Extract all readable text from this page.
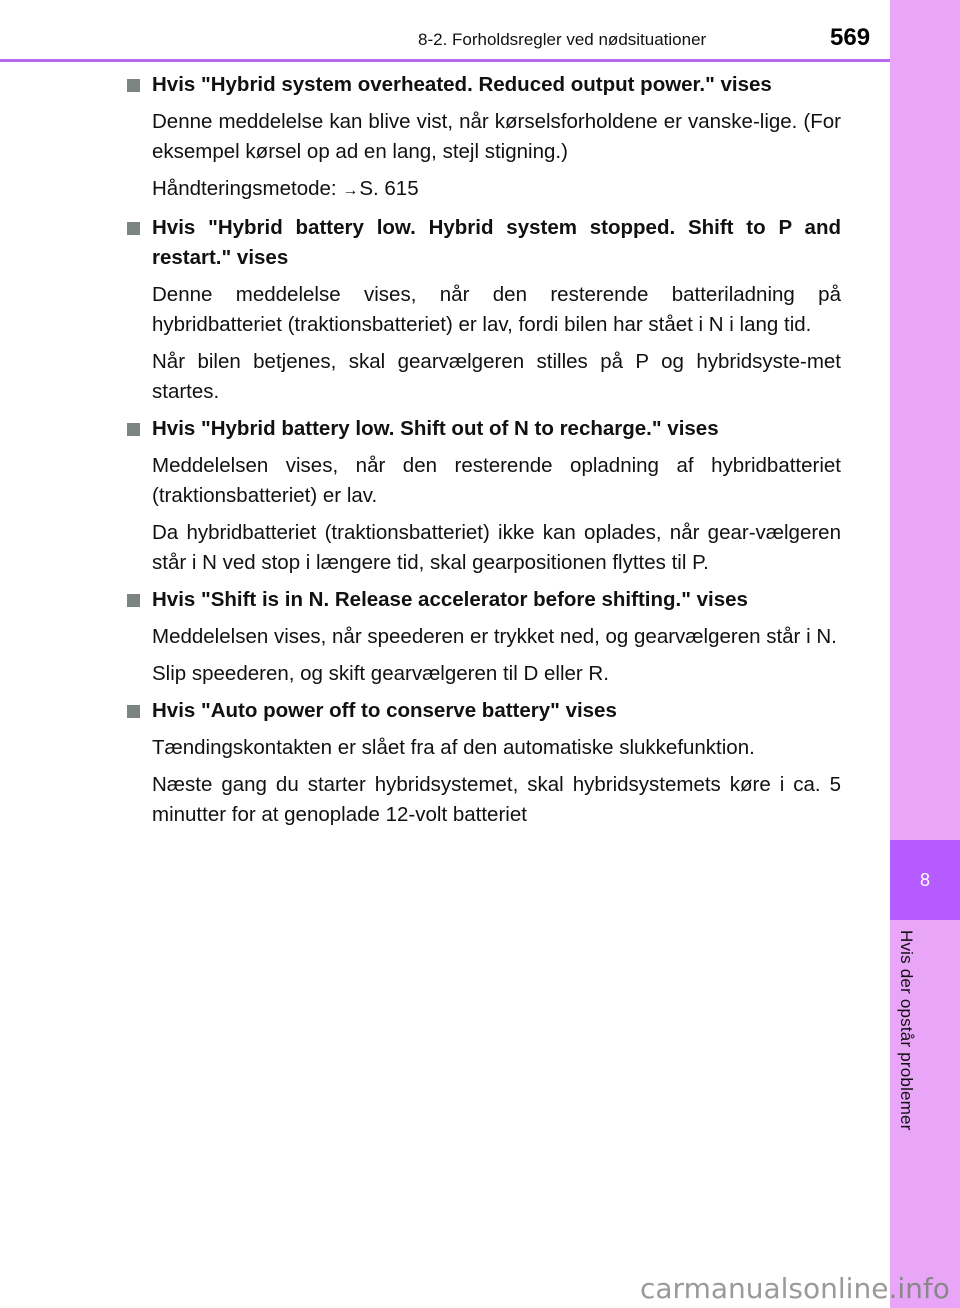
8
Hvis der opstår problemer
8-2. Forholdsregler ved nødsituationer	569
Hvis "Hybrid system overheated. Reduced output power." vises
Denne meddelelse kan blive vist, når kørselsforholdene er vanske-lige. (For eksempel kørsel op ad en lang, stejl stigning.)
Håndteringsmetode: →S. 615
Hvis "Hybrid battery low. Hybrid system stopped. Shift to P and restart." vises
Denne meddelelse vises, når den resterende batteriladning på hybridbatteriet (traktionsbatteriet) er lav, fordi bilen har stået i N i lang tid.
Når bilen betjenes, skal gearvælgeren stilles på P og hybridsyste-met startes.
Hvis "Hybrid battery low. Shift out of N to recharge." vises
Meddelelsen vises, når den resterende opladning af hybridbatteriet (traktionsbatteriet) er lav.
Da hybridbatteriet (traktionsbatteriet) ikke kan oplades, når gear-vælgeren står i N ved stop i længere tid, skal gearpositionen flyttes til P.
Hvis "Shift is in N. Release accelerator before shifting." vises
Meddelelsen vises, når speederen er trykket ned, og gearvælgeren står i N.
Slip speederen, og skift gearvælgeren til D eller R.
Hvis "Auto power off to conserve battery" vises
Tændingskontakten er slået fra af den automatiske slukkefunktion.
Næste gang du starter hybridsystemet, skal hybridsystemets køre i ca. 5 minutter for at genoplade 12-volt batteriet
carmanualsonline.info
